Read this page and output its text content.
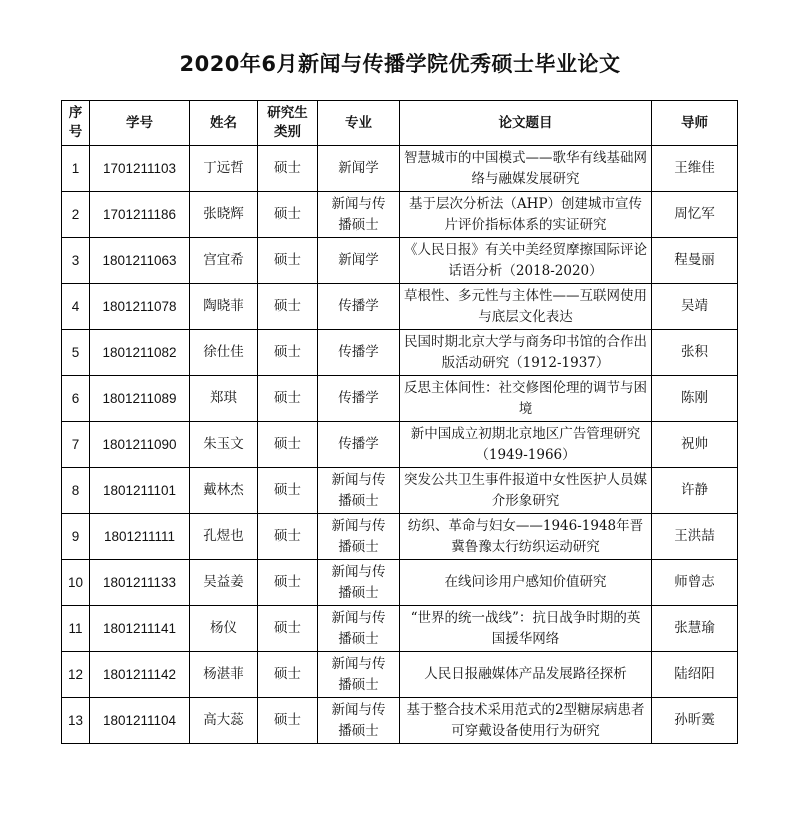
2020年6月新闻与传播学院优秀硕士毕业论文
序号	学号	姓名	研究生类别	专业	论文题目	导师
1	1701211103	丁远哲	硕士	新闻学	智慧城市的中国模式——歌华有线基础网络与融媒发展研究	王维佳
2	1701211186	张晓辉	硕士	新闻与传播硕士	基于层次分析法（AHP）创建城市宣传片评价指标体系的实证研究	周忆军
3	1801211063	宫宜希	硕士	新闻学	《人民日报》有关中美经贸摩擦国际评论话语分析（2018-2020）	程曼丽
4	1801211078	陶晓菲	硕士	传播学	草根性、多元性与主体性——互联网使用与底层文化表达	吴靖
5	1801211082	徐仕佳	硕士	传播学	民国时期北京大学与商务印书馆的合作出版活动研究（1912-1937）	张积
6	1801211089	郑琪	硕士	传播学	反思主体间性：社交修图伦理的调节与困境	陈刚
7	1801211090	朱玉文	硕士	传播学	新中国成立初期北京地区广告管理研究（1949-1966）	祝帅
8	1801211101	戴林杰	硕士	新闻与传播硕士	突发公共卫生事件报道中女性医护人员媒介形象研究	许静
9	1801211111	孔煜也	硕士	新闻与传播硕士	纺织、革命与妇女——1946-1948年晋冀鲁豫太行纺织运动研究	王洪喆
10	1801211133	吴益姜	硕士	新闻与传播硕士	在线问诊用户感知价值研究	师曾志
11	1801211141	杨仪	硕士	新闻与传播硕士	“世界的统一战线”：抗日战争时期的英国援华网络	张慧瑜
12	1801211142	杨湛菲	硕士	新闻与传播硕士	人民日报融媒体产品发展路径探析	陆绍阳
13	1801211104	高大蕊	硕士	新闻与传播硕士	基于整合技术采用范式的2型糖尿病患者可穿戴设备使用行为研究	孙昕霙
